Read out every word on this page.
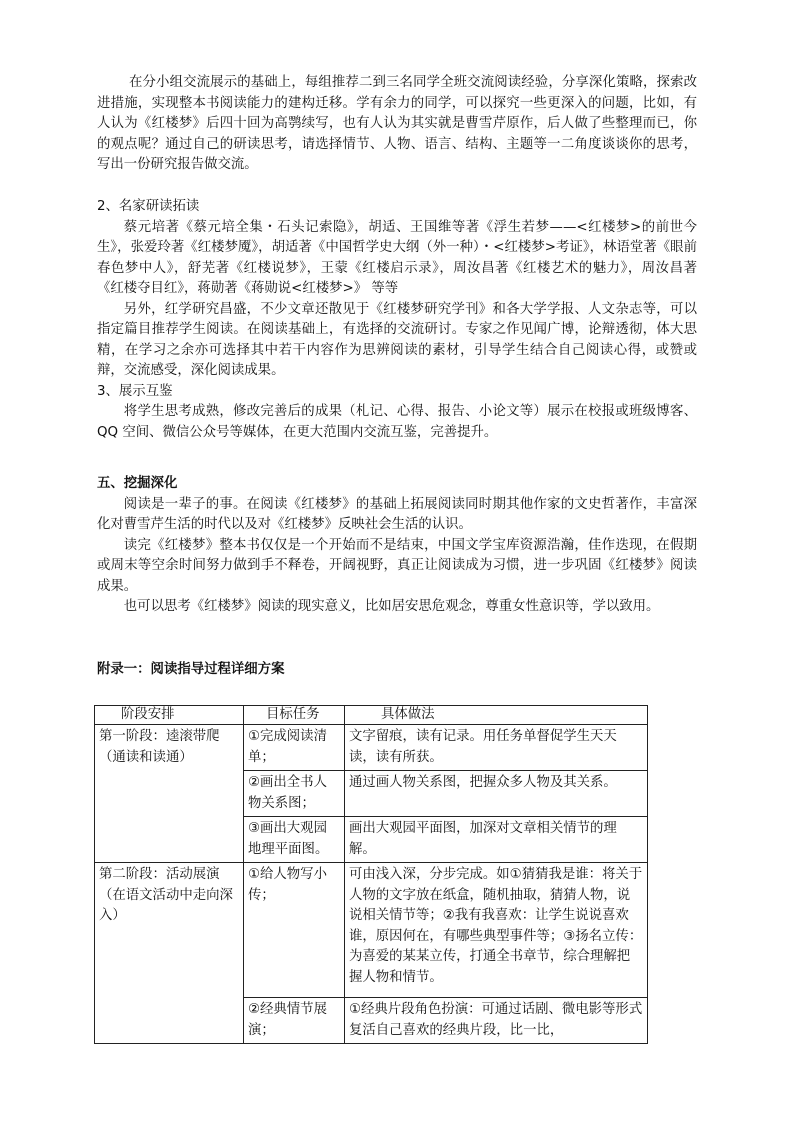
在分小组交流展示的基础上，每组推荐二到三名同学全班交流阅读经验，分享深化策略，探索改进措施，实现整本书阅读能力的建构迁移。学有余力的同学，可以探究一些更深入的问题，比如，有人认为《红楼梦》后四十回为高鹗续写，也有人认为其实就是曹雪芹原作，后人做了些整理而已，你的观点呢？通过自己的研读思考，请选择情节、人物、语言、结构、主题等一二角度谈谈你的思考，写出一份研究报告做交流。

2、名家研读拓读

蔡元培著《蔡元培全集・石头记索隐》，胡适、王国维等著《浮生若梦——<红楼梦>的前世今生》，张爱玲著《红楼梦魇》，胡适著《中国哲学史大纲（外一种）・<红楼梦>考证》，林语堂著《眼前春色梦中人》，舒芜著《红楼说梦》，王蒙《红楼启示录》，周汝昌著《红楼艺术的魅力》，周汝昌著《红楼夺目红》，蒋勋著《蒋勋说<红楼梦>》 等等

另外，红学研究昌盛，不少文章还散见于《红楼梦研究学刊》和各大学学报、人文杂志等，可以指定篇目推荐学生阅读。在阅读基础上，有选择的交流研讨。专家之作见闻广博，论辩透彻，体大思精，在学习之余亦可选择其中若干内容作为思辨阅读的素材，引导学生结合自己阅读心得，或赞或辩，交流感受，深化阅读成果。

3、展示互鉴

将学生思考成熟，修改完善后的成果（札记、心得、报告、小论文等）展示在校报或班级博客、QQ 空间、微信公众号等媒体，在更大范围内交流互鉴，完善提升。

五、挖掘深化

阅读是一辈子的事。在阅读《红楼梦》的基础上拓展阅读同时期其他作家的文史哲著作，丰富深化对曹雪芹生活的时代以及对《红楼梦》反映社会生活的认识。

读完《红楼梦》整本书仅仅是一个开始而不是结束，中国文学宝库资源浩瀚，佳作迭现，在假期或周末等空余时间努力做到手不释卷，开阔视野，真正让阅读成为习惯，进一步巩固《红楼梦》阅读成果。

也可以思考《红楼梦》阅读的现实意义，比如居安思危观念，尊重女性意识等，学以致用。

附录一：阅读指导过程详细方案

阶段安排	目标任务	具体做法
第一阶段：逵滚带爬（通读和读通）	①完成阅读清单；	文字留痕，读有记录。用任务单督促学生天天读，读有所获。
	②画出全书人物关系图；	通过画人物关系图，把握众多人物及其关系。
	③画出大观园地理平面图。	画出大观园平面图，加深对文章相关情节的理解。
第二阶段：活动展演（在语文活动中走向深入）	①给人物写小传；	可由浅入深，分步完成。如①猜猜我是谁：将关于人物的文字放在纸盒，随机抽取，猜猜人物，说说相关情节等；②我有我喜欢：让学生说说喜欢谁，原因何在，有哪些典型事件等；③扬名立传：为喜爱的某某立传，打通全书章节，综合理解把握人物和情节。
	②经典情节展演；	①经典片段角色扮演：可通过话剧、微电影等形式复活自己喜欢的经典片段，比一比，
